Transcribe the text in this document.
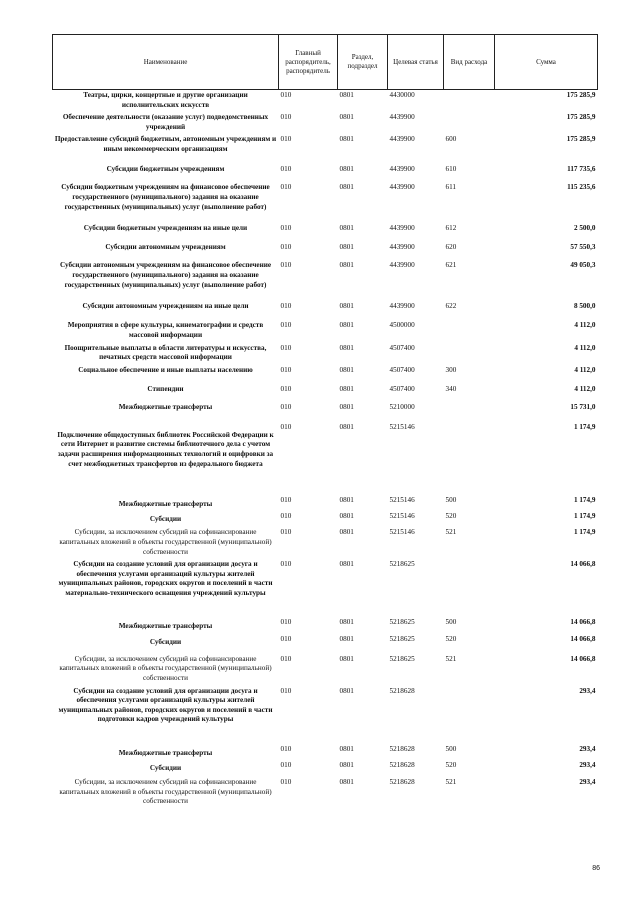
Наименование	Главный распорядитель, распорядитель	Раздел, подраздел	Целевая статья	Вид расхода	Сумма
Театры, цирки, концертные и другие организации исполнительских искусств	010	0801	4430000		175 285,9
Обеспечение деятельности (оказание услуг) подведомственных учреждений	010	0801	4439900		175 285,9
Предоставление субсидий бюджетным, автономным учреждениям и иным некоммерческим организациям	010	0801	4439900	600	175 285,9
Субсидии бюджетным учреждениям	010	0801	4439900	610	117 735,6
Субсидии бюджетным учреждениям на финансовое обеспечение государственного (муниципального) задания на оказание государственных (муниципальных) услуг (выполнение работ)	010	0801	4439900	611	115 235,6
Субсидии бюджетным учреждениям на иные цели	010	0801	4439900	612	2 500,0
Субсидии автономным учреждениям	010	0801	4439900	620	57 550,3
Субсидии автономным учреждениям на финансовое обеспечение государственного (муниципального) задания на оказание государственных (муниципальных) услуг (выполнение работ)	010	0801	4439900	621	49 050,3
Субсидии автономным учреждениям на иные цели	010	0801	4439900	622	8 500,0
Мероприятия в сфере культуры, кинематографии и средств массовой информации	010	0801	4500000		4 112,0
Поощрительные выплаты в области литературы и искусства, печатных средств массовой информации	010	0801	4507400		4 112,0
Социальное обеспечение и иные выплаты населению	010	0801	4507400	300	4 112,0
Стипендии	010	0801	4507400	340	4 112,0
Межбюджетные трансферты	010	0801	5210000		15 731,0
Подключение общедоступных библиотек Российской Федерации к сети Интернет и развитие системы библиотечного дела с учетом задачи расширения информационных технологий и оцифровки за счет межбюджетных трансфертов из федерального бюджета	010	0801	5215146		1 174,9
Межбюджетные трансферты	010	0801	5215146	500	1 174,9
Субсидии	010	0801	5215146	520	1 174,9
Субсидии, за исключением субсидий на софинансирование капитальных вложений в объекты государственной (муниципальной) собственности	010	0801	5215146	521	1 174,9
Субсидии на создание условий для организации досуга и обеспечения услугами организаций культуры жителей муниципальных районов, городских округов и поселений в части материально-технического оснащения учреждений культуры	010	0801	5218625		14 066,8
Межбюджетные трансферты	010	0801	5218625	500	14 066,8
Субсидии	010	0801	5218625	520	14 066,8
Субсидии, за исключением субсидий на софинансирование капитальных вложений в объекты государственной (муниципальной) собственности	010	0801	5218625	521	14 066,8
Субсидии на создание условий для организации досуга и обеспечения услугами организаций культуры жителей муниципальных районов, городских округов и поселений в части подготовки кадров учреждений культуры	010	0801	5218628		293,4
Межбюджетные трансферты	010	0801	5218628	500	293,4
Субсидии	010	0801	5218628	520	293,4
Субсидии, за исключением субсидий на софинансирование капитальных вложений в объекты государственной (муниципальной) собственности	010	0801	5218628	521	293,4
86
